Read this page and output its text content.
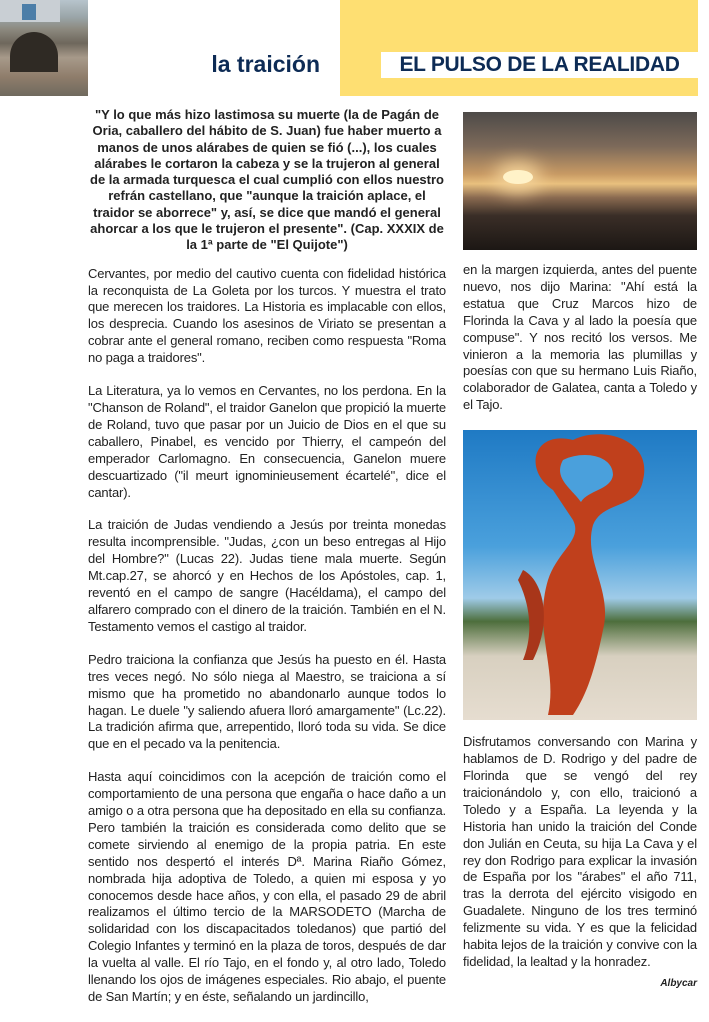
la traición	EL PULSO DE LA REALIDAD
"Y lo que más hizo lastimosa su muerte (la de Pagán de Oria, caballero del hábito de S. Juan) fue haber muerto a manos de unos alárabes de quien se fió (...), los cuales alárabes le cortaron la cabeza y se la trujeron al general de la armada turquesca el cual cumplió con ellos nuestro refrán castellano, que "aunque la traición aplace, el traidor se aborrece" y, así, se dice que mandó el general ahorcar a los que le trujeron el presente". (Cap. XXXIX de la 1ª parte de "El Quijote")
Cervantes, por medio del cautivo cuenta con fidelidad histórica la reconquista de La Goleta por los turcos. Y muestra el trato que merecen los traidores. La Historia es implacable con ellos, los desprecia. Cuando los asesinos de Viriato se presentan a cobrar ante el general romano, reciben como respuesta "Roma no paga a traidores".
La Literatura, ya lo vemos en Cervantes, no los perdona. En la "Chanson de Roland", el traidor Ganelon que propició la muerte de Roland, tuvo que pasar por un Juicio de Dios en el que su caballero, Pinabel, es vencido por Thierry, el campeón del emperador Carlomagno. En consecuencia, Ganelon muere descuartizado ("il meurt ignominieusement écartelé", dice el cantar).
La traición de Judas vendiendo a Jesús por treinta monedas resulta incomprensible. "Judas, ¿con un beso entregas al Hijo del Hombre?" (Lucas 22). Judas tiene mala muerte. Según Mt.cap.27, se ahorcó y en Hechos de los Apóstoles, cap. 1, reventó en el campo de sangre (Hacéldama), el campo del alfarero comprado con el dinero de la traición. También en el N. Testamento vemos el castigo al traidor.
Pedro traiciona la confianza que Jesús ha puesto en él. Hasta tres veces negó. No sólo niega al Maestro, se traiciona a sí mismo que ha prometido no abandonarlo aunque todos lo hagan. Le duele "y saliendo afuera lloró amargamente" (Lc.22). La tradición afirma que, arrepentido, lloró toda su vida. Se dice que en el pecado va la penitencia.
Hasta aquí coincidimos con la acepción de traición como el comportamiento de una persona que engaña o hace daño a un amigo o a otra persona que ha depositado en ella su confianza. Pero también la traición es considerada como delito que se comete sirviendo al enemigo de la propia patria. En este sentido nos despertó el interés Dª. Marina Riaño Gómez, nombrada hija adoptiva de Toledo, a quien mi esposa y yo conocemos desde hace años, y con ella, el pasado 29 de abril realizamos el último tercio de la MARSODETO (Marcha de solidaridad con los discapacitados toledanos) que partió del Colegio Infantes y terminó en la plaza de toros, después de dar la vuelta al valle. El río Tajo, en el fondo y, al otro lado, Toledo llenando los ojos de imágenes especiales. Rio abajo, el puente de San Martín; y en éste, señalando un jardincillo,
en la margen izquierda, antes del puente nuevo, nos dijo Marina: "Ahí está la estatua que Cruz Marcos hizo de Florinda la Cava y al lado la poesía que compuse". Y nos recitó los versos. Me vinieron a la memoria las plumillas y poesías con que su hermano Luis Riaño, colaborador de Galatea, canta a Toledo y el Tajo.
Disfrutamos conversando con Marina y hablamos de D. Rodrigo y del padre de Florinda que se vengó del rey traicionándolo y, con ello, traicionó a Toledo y a España. La leyenda y la Historia han unido la traición del Conde don Julián en Ceuta, su hija La Cava y el rey don Rodrigo para explicar la invasión de España por los "árabes" el año 711, tras la derrota del ejército visigodo en Guadalete. Ninguno de los tres terminó felizmente su vida. Y es que la felicidad habita lejos de la traición y convive con la fidelidad, la lealtad y la honradez.
Albycar
